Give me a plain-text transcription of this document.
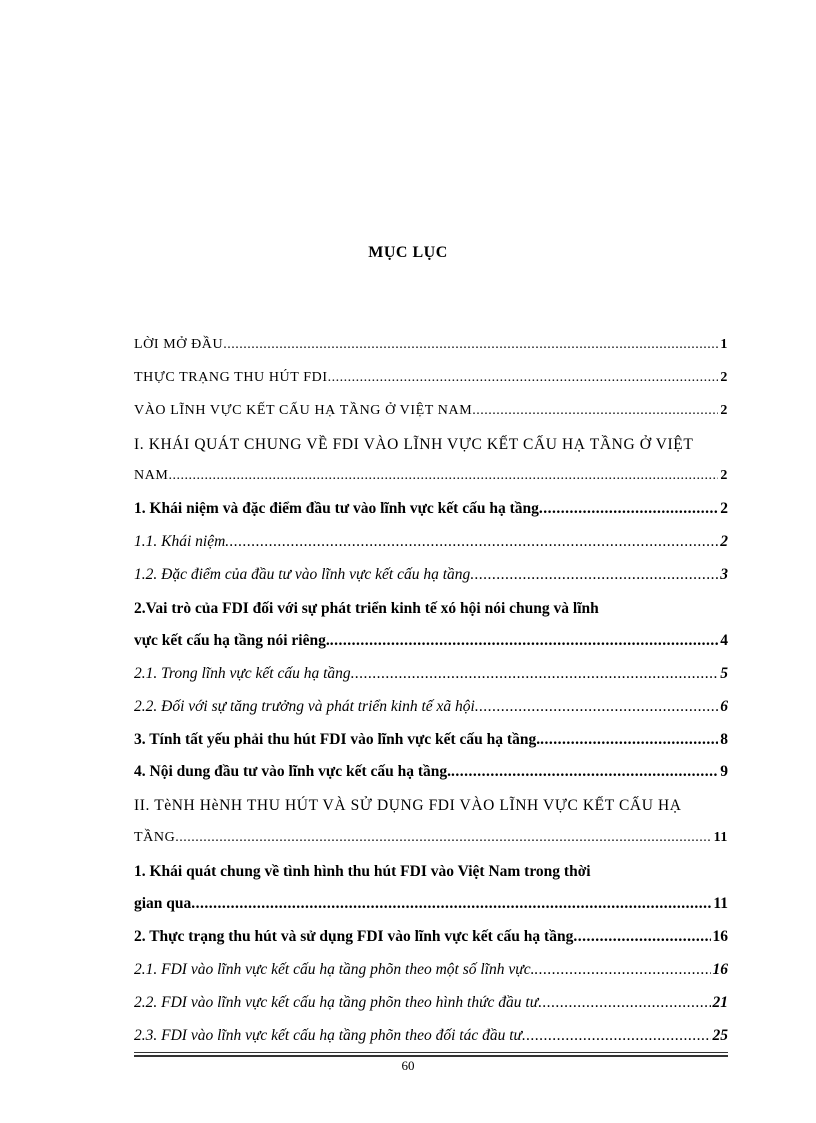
MỤC LỤC
LỜI MỞ ĐẦU .....	1
THỰC TRẠNG THU HÚT FDI .....	2
VÀO LĨNH VỰC KẾT CẤU HẠ TẦNG Ở VIỆT NAM .....	2
I. KHÁI QUÁT CHUNG VỀ FDI VÀO LĨNH VỰC KẾT CẤU HẠ TẦNG Ở VIỆT
NAM .....	2
1. Khái niệm và đặc điểm đầu tư vào lĩnh vực kết cấu hạ tầng .....	2
1.1. Khái niệm .....	2
1.2. Đặc điểm của đầu tư vào lĩnh vực kết cấu hạ tầng .....	3
2.Vai trò của FDI đối với sự phát triển kinh tế xó hội nói chung và lĩnh
vực kết cấu hạ tầng nói riêng. .....	4
2.1. Trong lĩnh vực kết cấu hạ tầng .....	5
2.2. Đối với sự tăng trưởng và phát triển kinh tế xã hội .....	6
3. Tính tất yếu phải thu hút FDI vào lĩnh vực kết cấu hạ tầng. .....	8
4. Nội dung đầu tư vào lĩnh vực kết cấu hạ tầng. .....	9
II. TèNH HèNH THU HÚT VÀ SỬ DỤNG FDI VÀO LĨNH VỰC KẾT CẤU HẠ
TẦNG .....	11
1. Khái quát chung về tình hình thu hút FDI vào Việt Nam trong thời
gian qua .....	11
2. Thực trạng thu hút và sử dụng FDI vào lĩnh vực kết cấu hạ tầng .....	16
2.1. FDI vào lĩnh vực kết cấu hạ tầng phõn theo một số lĩnh vực. .....	16
2.2. FDI vào lĩnh vực kết cấu hạ tầng phõn theo hình thức đầu tư .....	21
2.3. FDI vào lĩnh vực kết cấu hạ tầng phõn theo đối tác đầu tư .....	25
60
